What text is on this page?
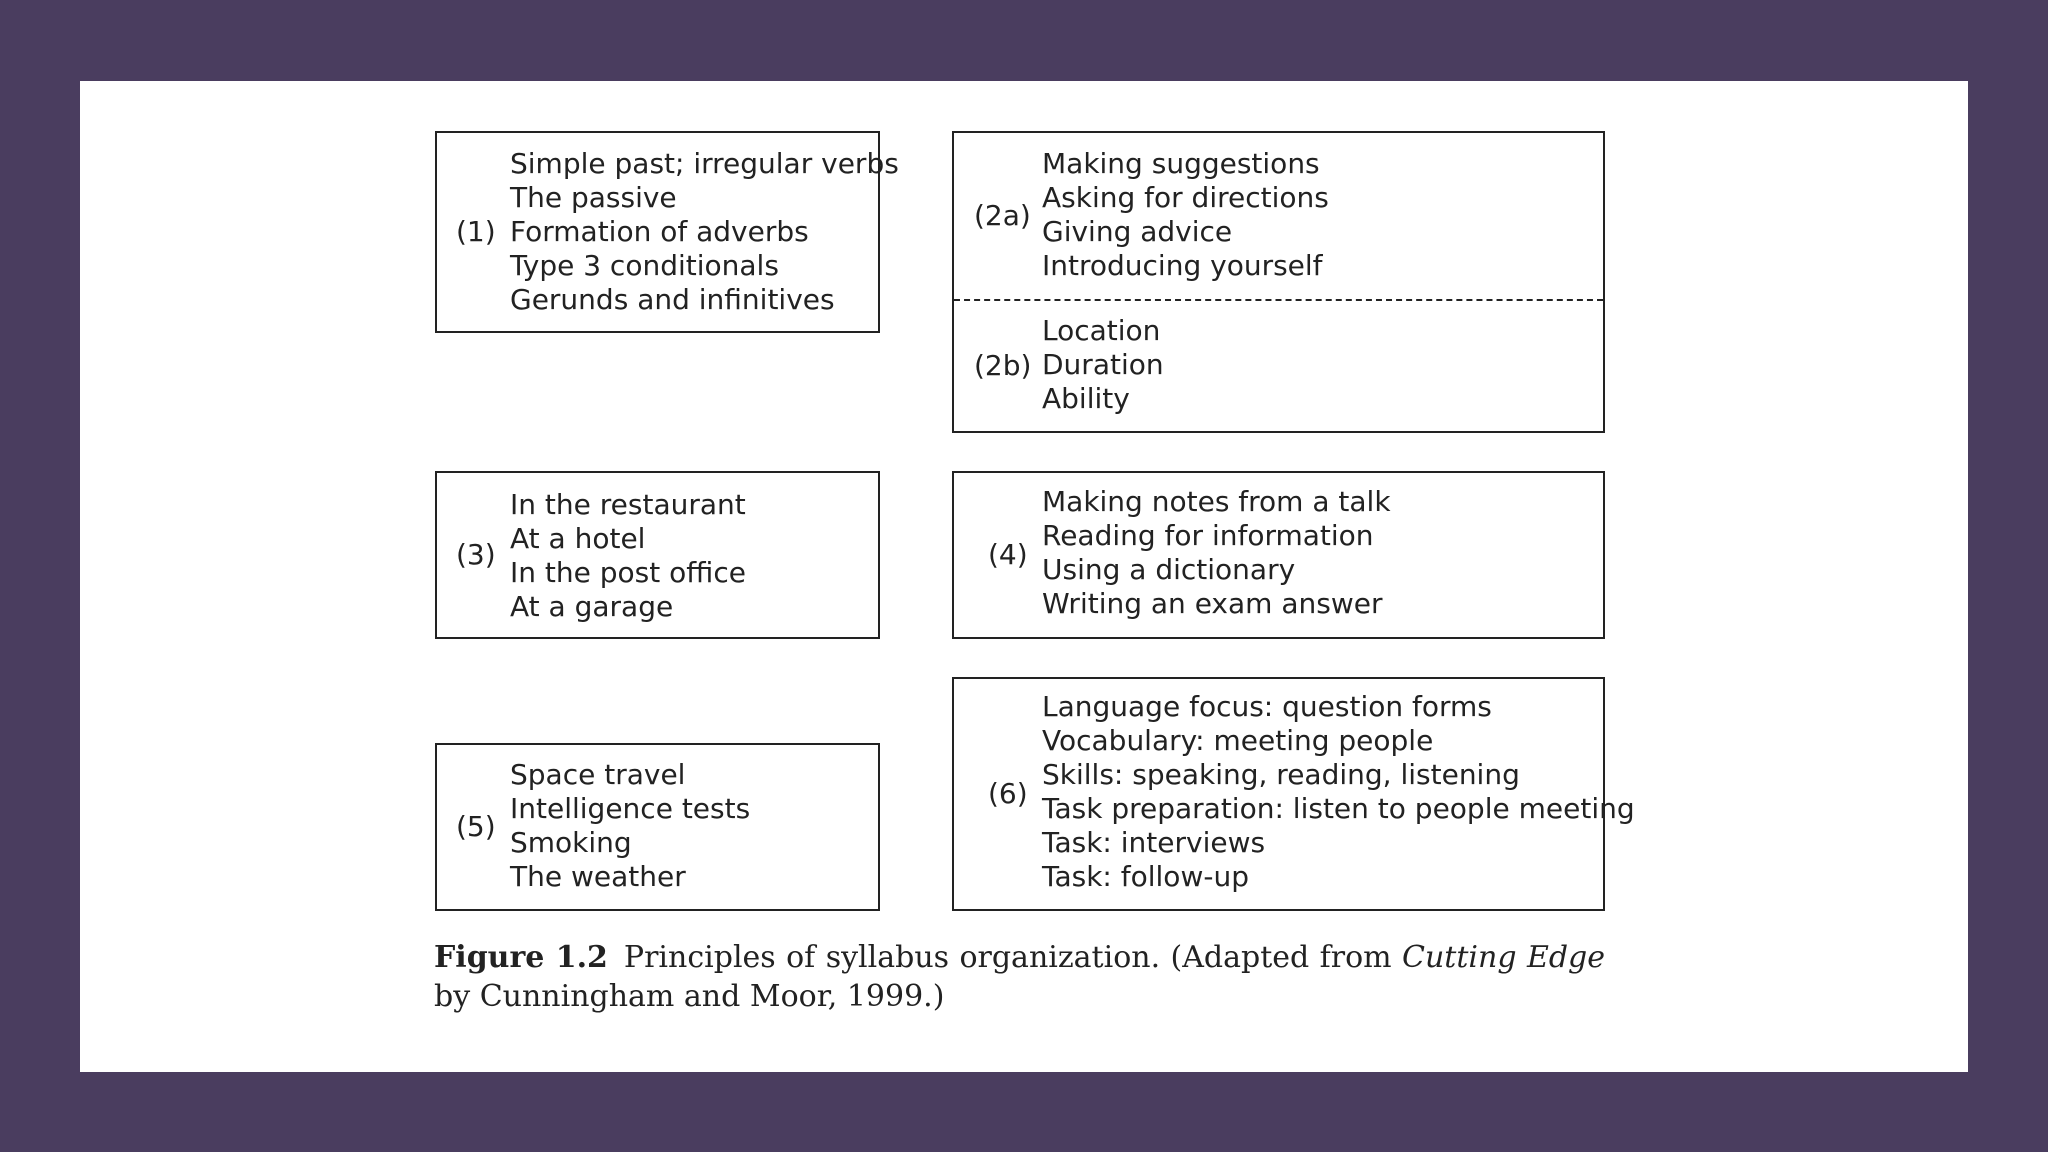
(1)
Simple past; irregular verbs
The passive
Formation of adverbs
Type 3 conditionals
Gerunds and infinitives
(2a)
Making suggestions
Asking for directions
Giving advice
Introducing yourself
(2b)
Location
Duration
Ability
(3)
In the restaurant
At a hotel
In the post office
At a garage
(4)
Making notes from a talk
Reading for information
Using a dictionary
Writing an exam answer
(5)
Space travel
Intelligence tests
Smoking
The weather
(6)
Language focus: question forms
Vocabulary: meeting people
Skills: speaking, reading, listening
Task preparation: listen to people meeting
Task: interviews
Task: follow-up
Figure 1.2 Principles of syllabus organization. (Adapted from Cutting Edge by Cunningham and Moor, 1999.)
